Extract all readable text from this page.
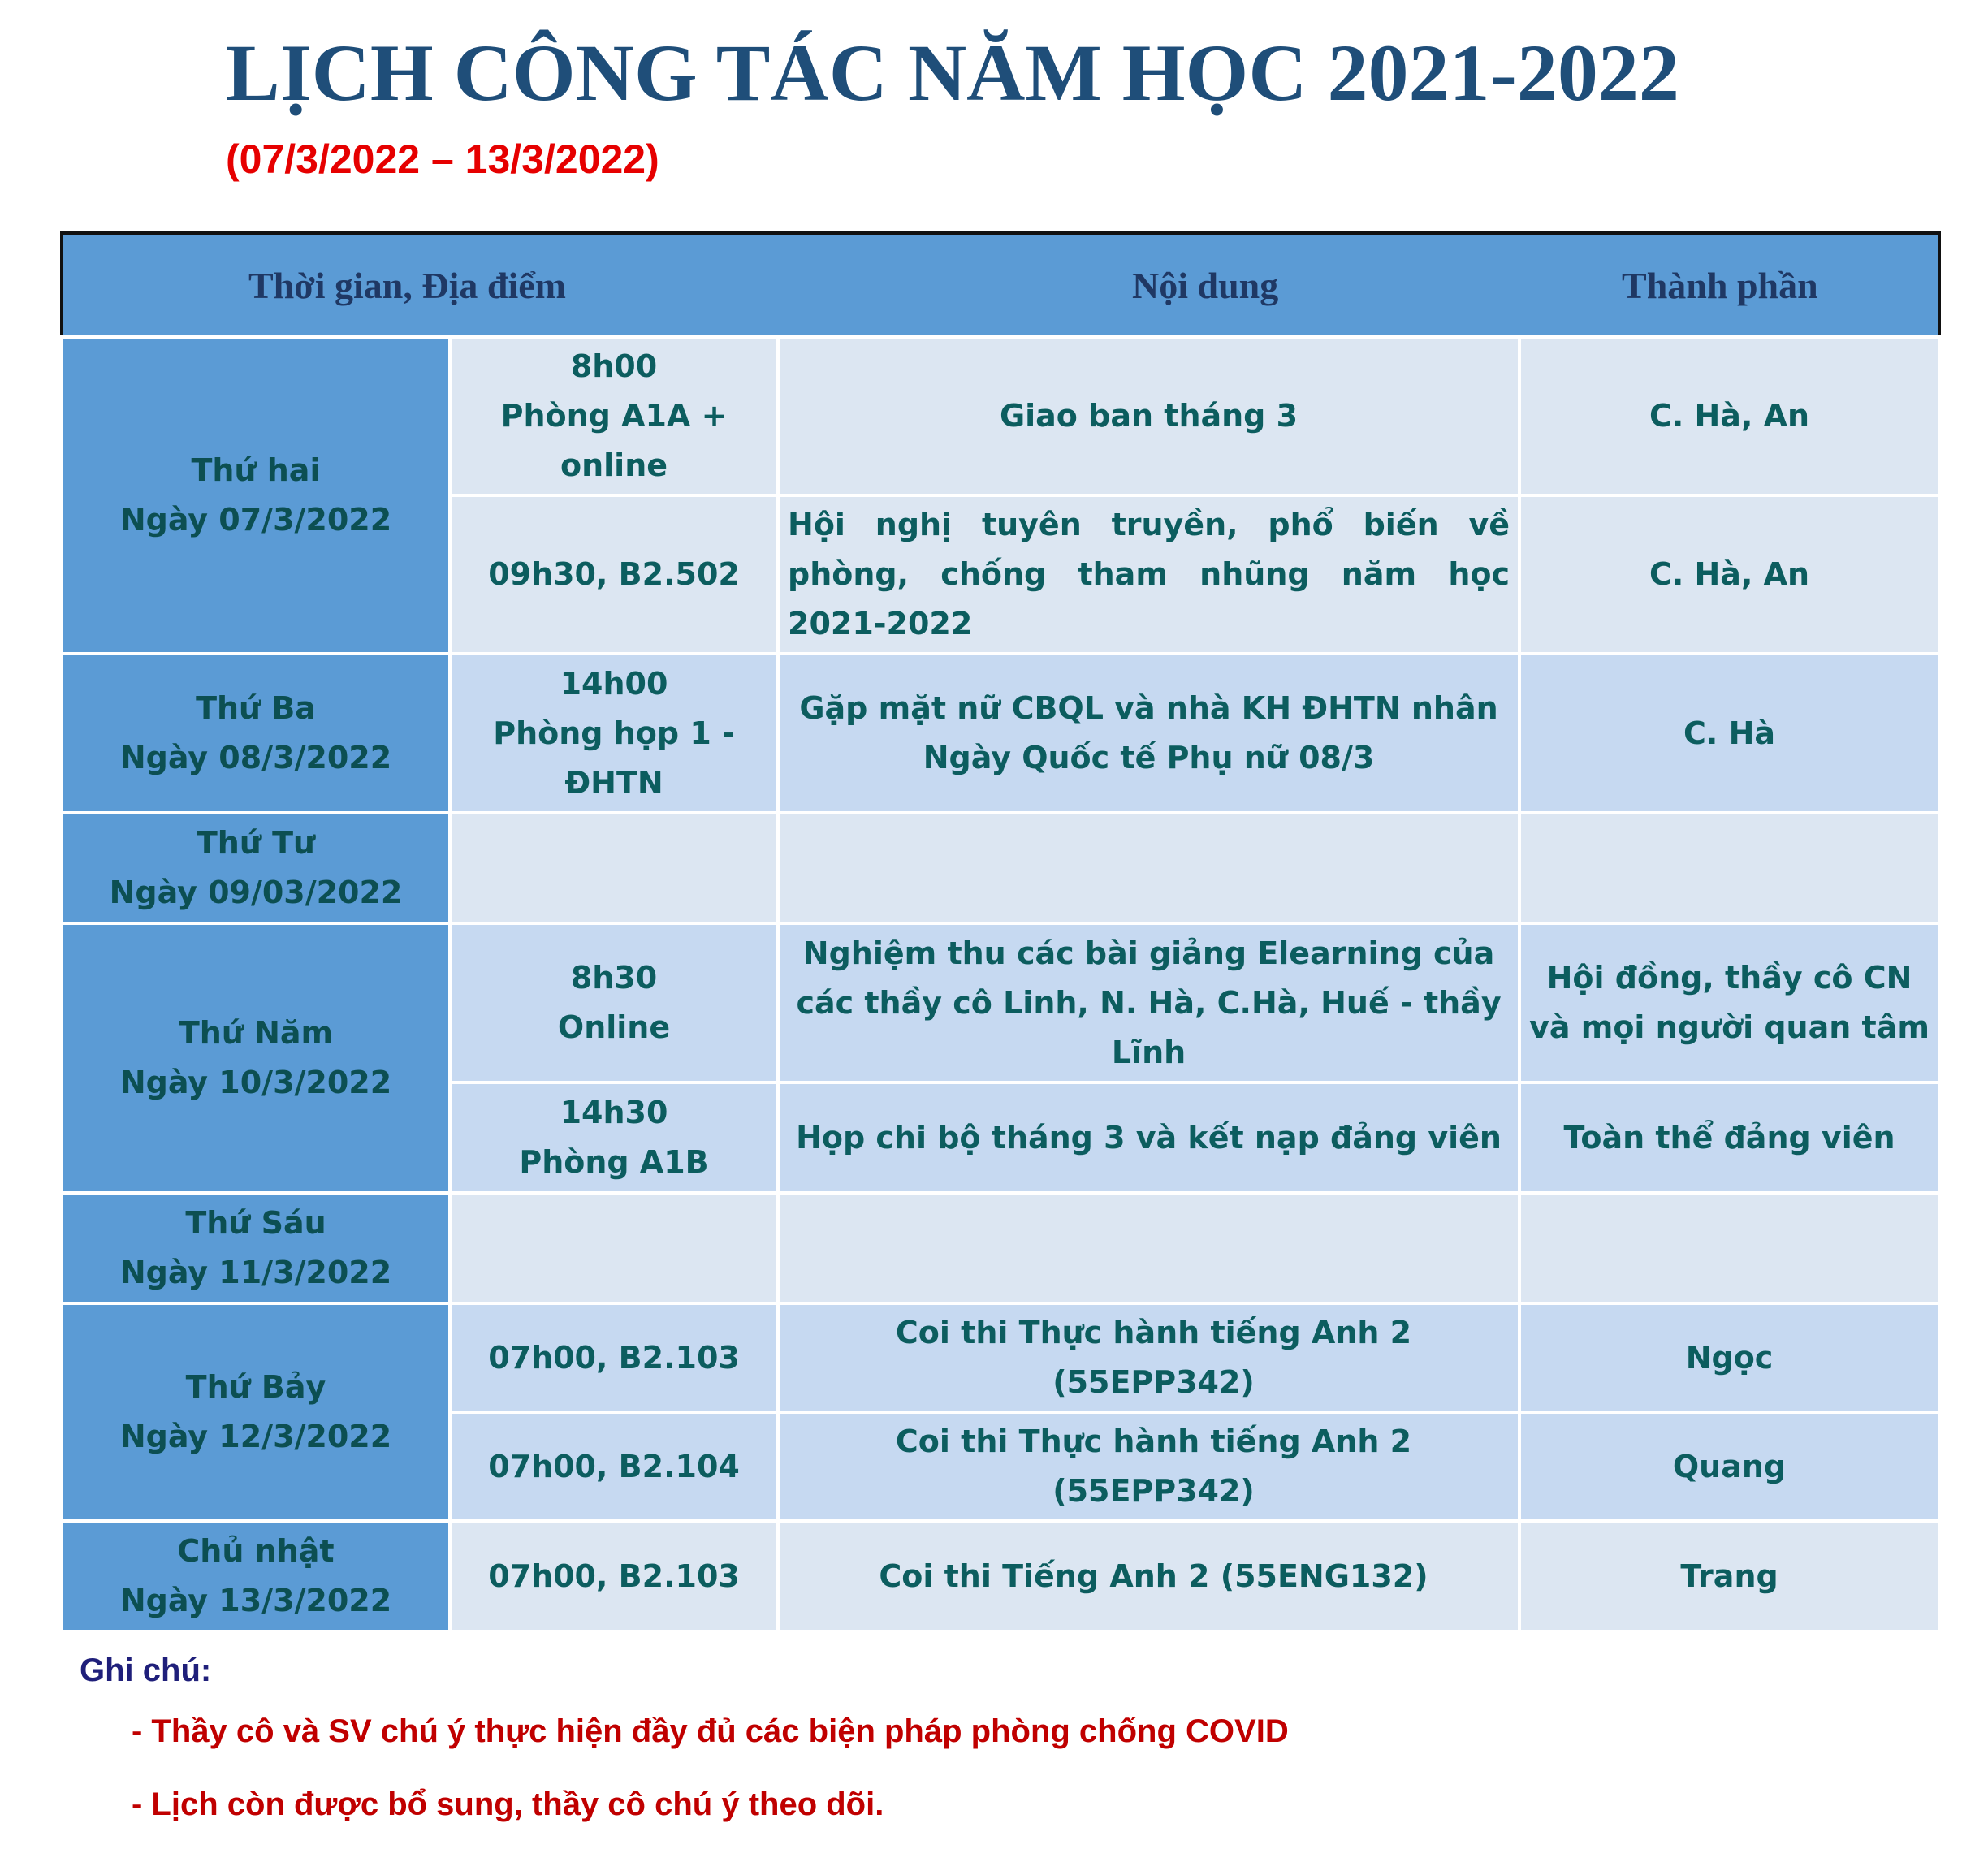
LỊCH CÔNG TÁC NĂM HỌC 2021-2022
(07/3/2022 – 13/3/2022)
Thời gian, Địa điểm		Nội dung	Thành phần

Thứ hai
Ngày 07/3/2022	8h00
Phòng A1A +
online	Giao ban tháng 3	C. Hà, An
	09h30, B2.502	Hội nghị tuyên truyền, phổ biến về phòng, chống tham nhũng năm học 2021-2022	C. Hà, An

Thứ Ba
Ngày 08/3/2022	14h00
Phòng họp 1 -
ĐHTN	Gặp mặt nữ CBQL và nhà KH ĐHTN nhân Ngày Quốc tế Phụ nữ 08/3	C. Hà

Thứ Tư
Ngày 09/03/2022			

Thứ Năm
Ngày 10/3/2022	8h30
Online	Nghiệm thu các bài giảng Elearning của các thầy cô Linh, N. Hà, C.Hà, Huế - thầy Lĩnh	Hội đồng, thầy cô CN và mọi người quan tâm

	14h30
Phòng A1B	Họp chi bộ tháng 3 và kết nạp đảng viên	Toàn thể đảng viên

Thứ Sáu
Ngày 11/3/2022			

Thứ Bảy
Ngày 12/3/2022	07h00, B2.103	Coi thi Thực hành tiếng Anh 2 (55EPP342)	Ngọc
	07h00, B2.104	Coi thi Thực hành tiếng Anh 2 (55EPP342)	Quang

Chủ nhật
Ngày 13/3/2022	07h00, B2.103	Coi thi Tiếng Anh 2 (55ENG132)	Trang
Ghi chú:
- Thầy cô và SV chú ý thực hiện đầy đủ các biện pháp phòng chống COVID
- Lịch còn được bổ sung, thầy cô chú ý theo dõi.
